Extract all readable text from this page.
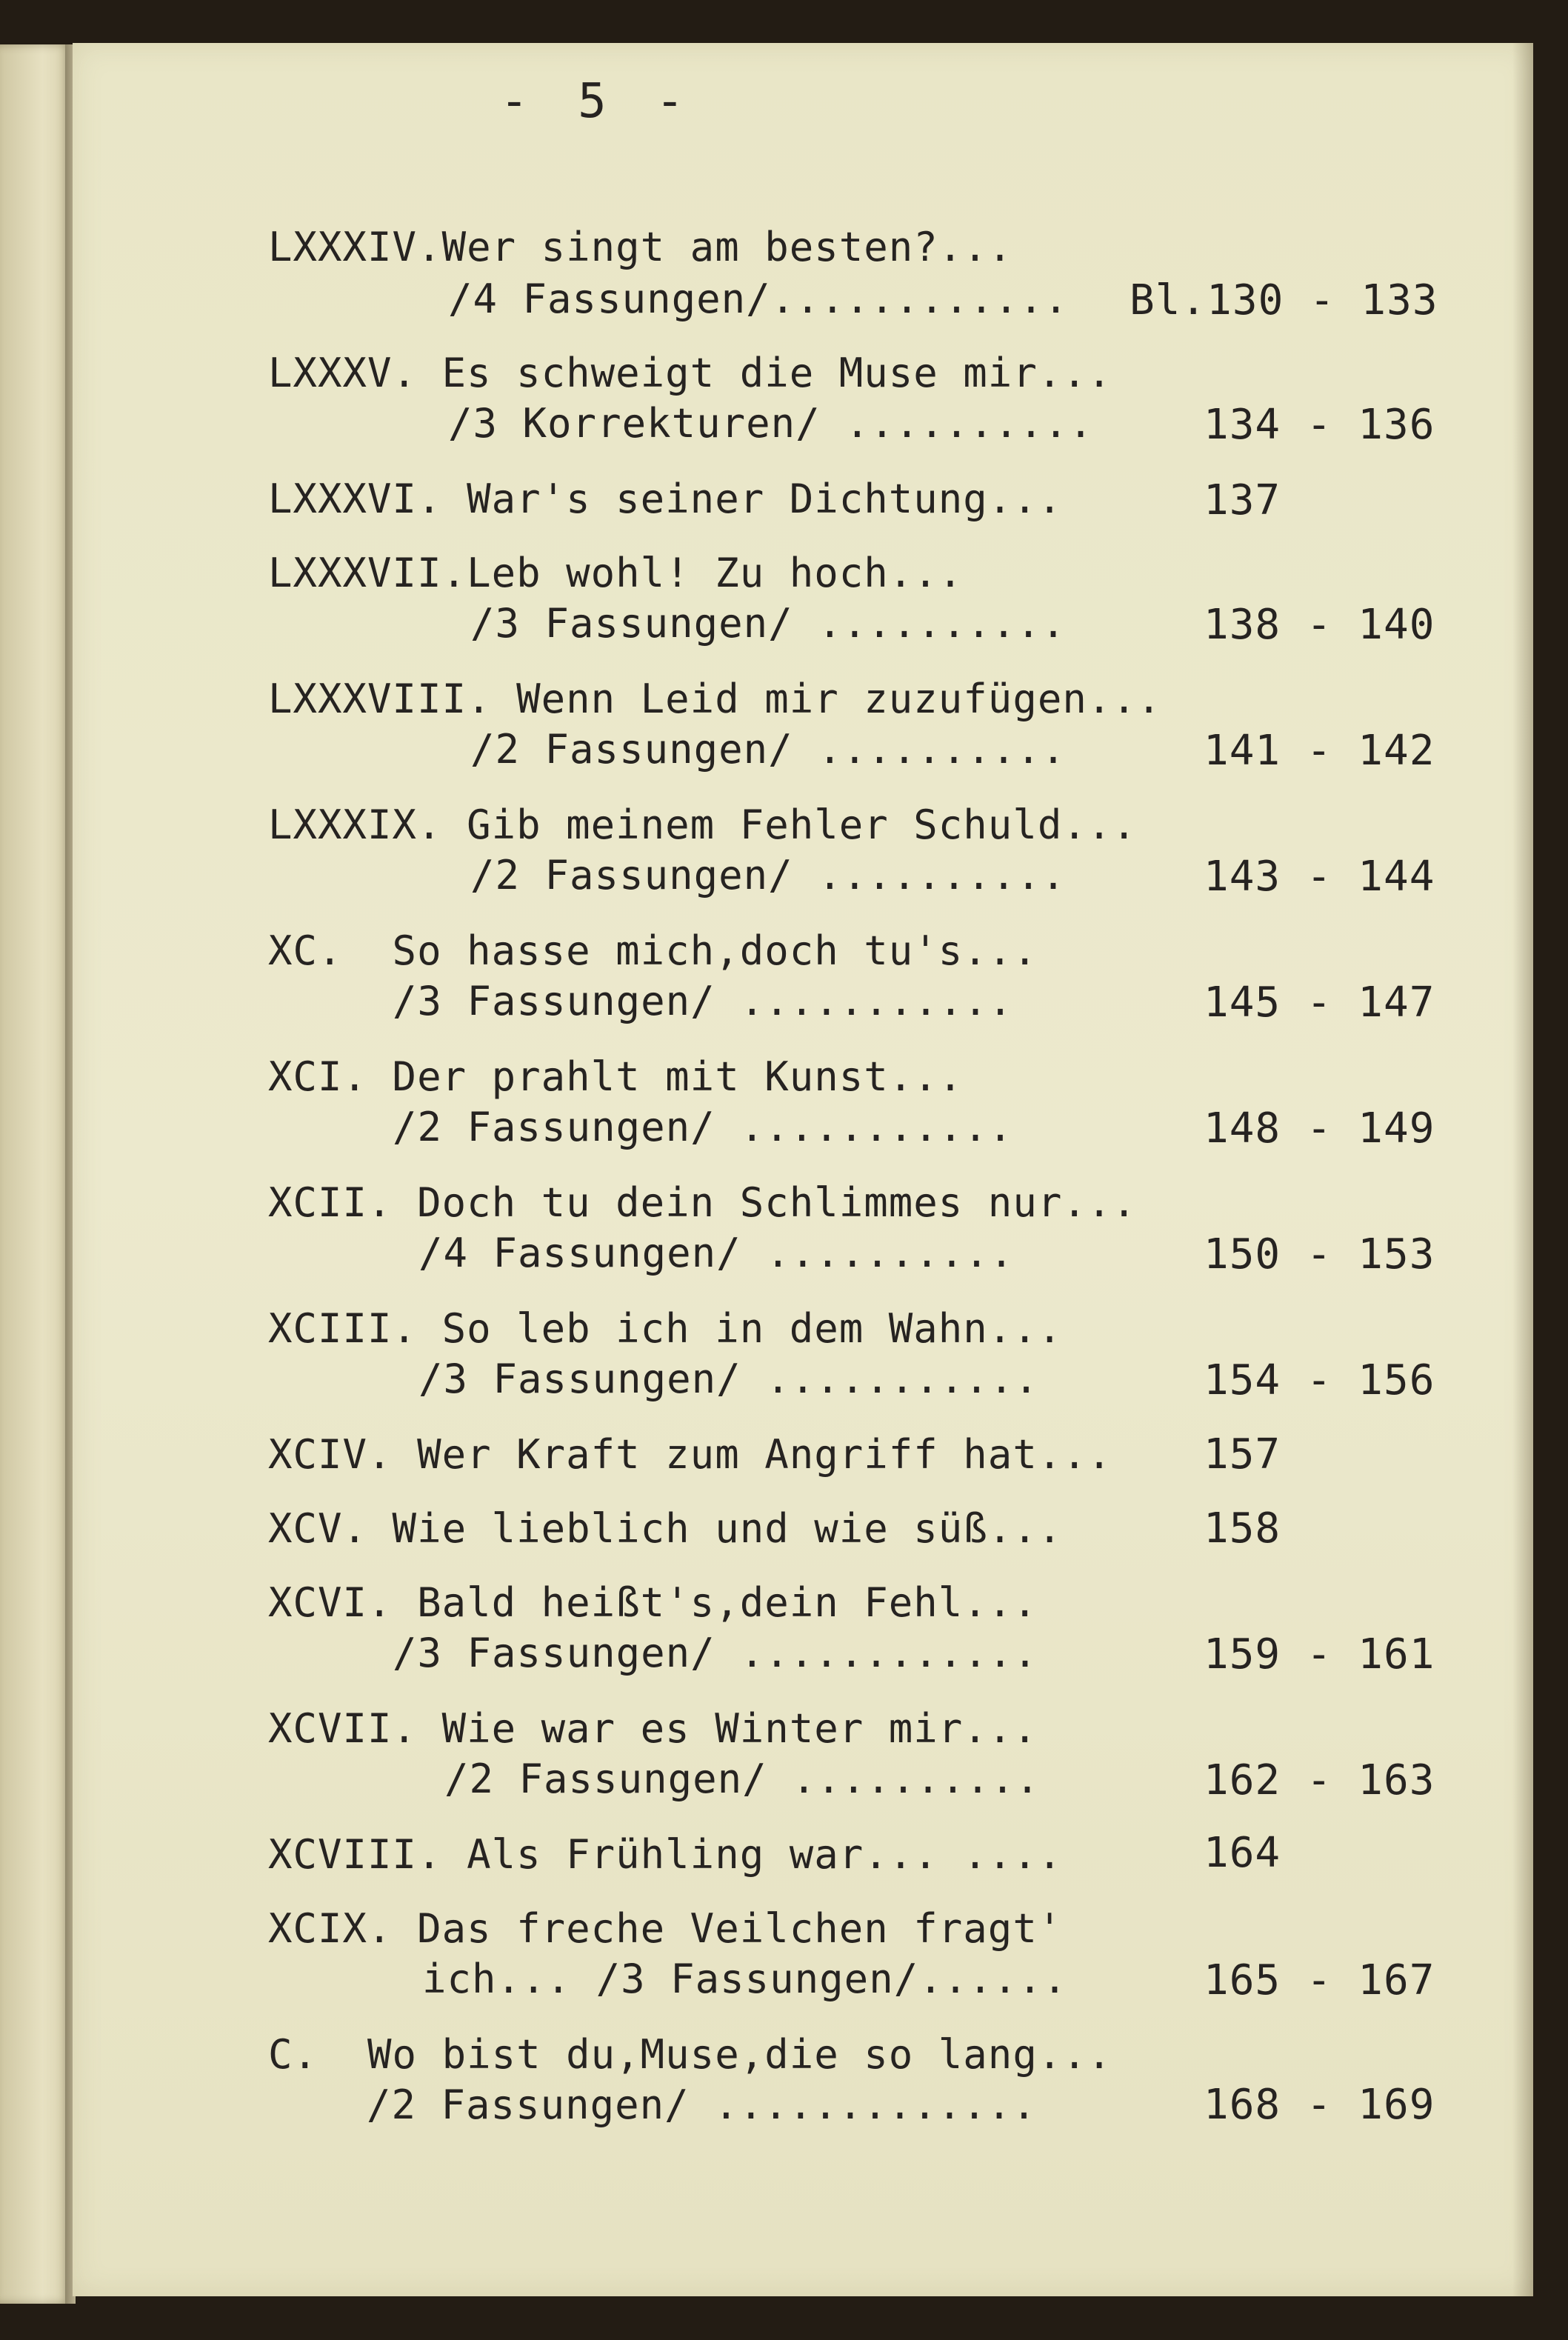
- 5 -
LXXXIV.Wer singt am besten?...
/4 Fassungen/............ Bl.130 - 133
LXXXV. Es schweigt die Muse mir...
/3 Korrekturen/ ..........	134 - 136
LXXXVI. War's seiner Dichtung...	137
LXXXVII.Leb wohl! Zu hoch...
/3 Fassungen/ ..........	138 - 140
LXXXVIII. Wenn Leid mir zuzufügen...
/2 Fassungen/ ..........	141 - 142
LXXXIX. Gib meinem Fehler Schuld...
/2 Fassungen/ ..........	143 - 144
XC.  So hasse mich,doch tu's...
/3 Fassungen/ ...........	145 - 147
XCI. Der prahlt mit Kunst...
/2 Fassungen/ ...........	148 - 149
XCII. Doch tu dein Schlimmes nur...
/4 Fassungen/ ..........	150 - 153
XCIII. So leb ich in dem Wahn...
/3 Fassungen/ ...........	154 - 156
XCIV. Wer Kraft zum Angriff hat... 157
XCV. Wie lieblich und wie süß...	158
XCVI. Bald heißt's,dein Fehl...
/3 Fassungen/ ............	159 - 161
XCVII. Wie war es Winter mir...
/2 Fassungen/ ..........	162 - 163
XCVIII. Als Frühling war... ....	164
XCIX. Das freche Veilchen fragt'
ich... /3 Fassungen/......	165 - 167
C.  Wo bist du,Muse,die so lang...
/2 Fassungen/ .............	168 - 169
